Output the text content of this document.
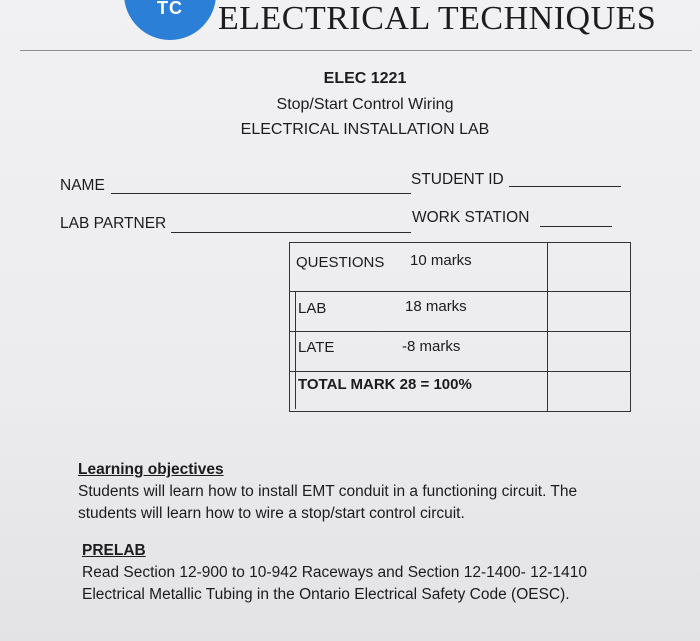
TC	ELECTRICAL TECHNIQUES
ELEC 1221
Stop/Start Control Wiring
ELECTRICAL INSTALLATION LAB
NAME	STUDENT ID
LAB PARTNER	WORK STATION
QUESTIONS 10 marks
LAB	18 marks
LATE	-8 marks
TOTAL MARK 28 = 100%
Learning objectives
Students will learn how to install EMT conduit in a functioning circuit. The
students will learn how to wire a stop/start control circuit.
PRELAB
Read Section 12-900 to 10-942 Raceways and Section 12-1400- 12-1410
Electrical Metallic Tubing in the Ontario Electrical Safety Code (OESC).
